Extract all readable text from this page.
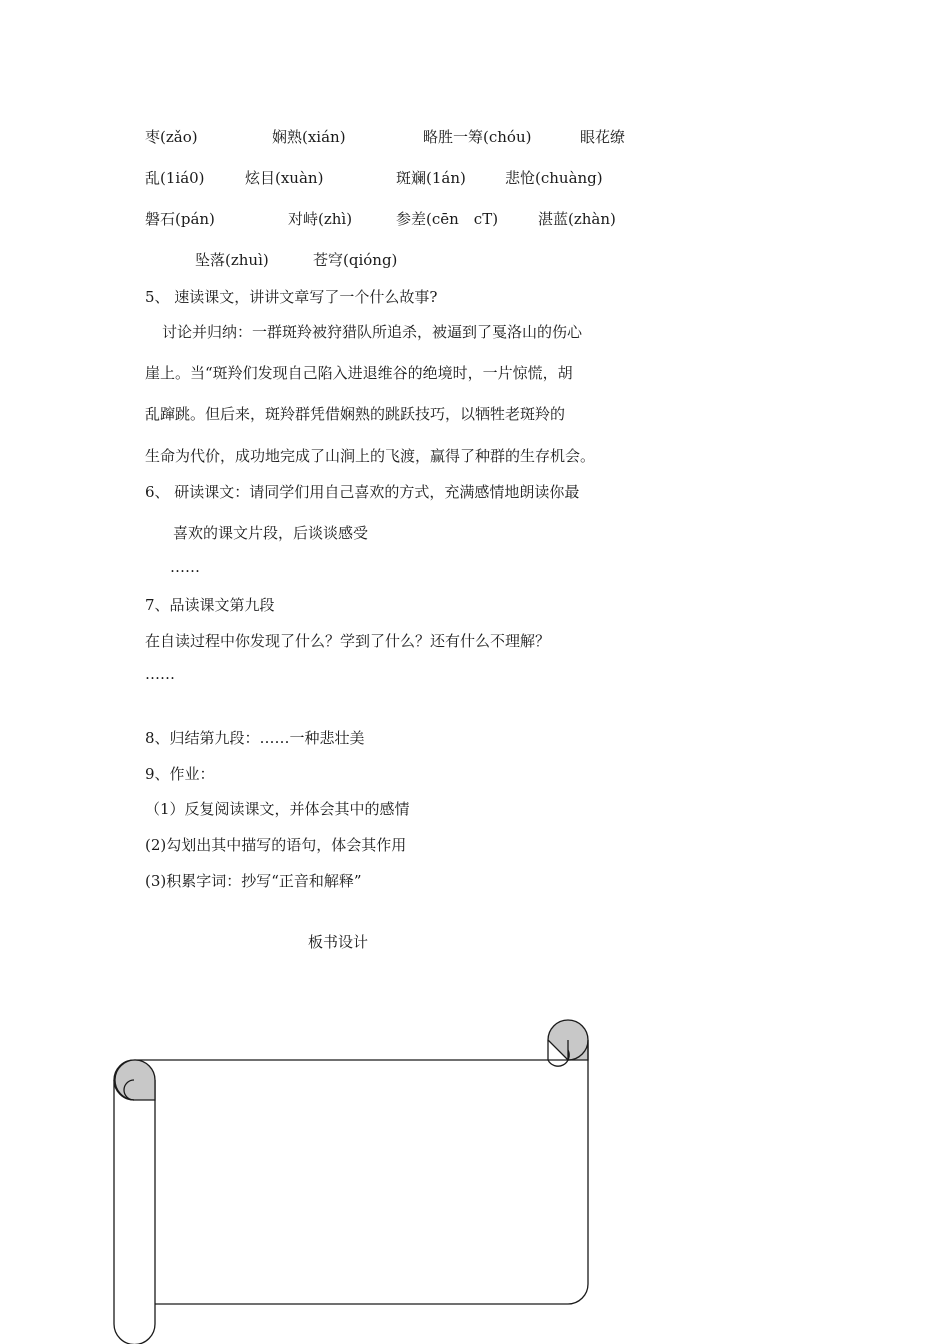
枣(zǎo)	娴熟(xián)	略胜一筹(chóu)	眼花缭
乱(1iá0)	炫目(xuàn)	斑斓(1án)	悲怆(chuàng)
磐石(pán)	对峙(zhì)	参差(cēn　cT)	湛蓝(zhàn)
坠落(zhuì)	苍穹(qióng)
5、 速读课文，讲讲文章写了一个什么故事?
讨论并归纳：一群斑羚被狩猎队所追杀，被逼到了戛洛山的伤心
崖上。当“斑羚们发现自己陷入进退维谷的绝境时，一片惊慌，胡
乱蹿跳。但后来，斑羚群凭借娴熟的跳跃技巧，以牺牲老斑羚的
生命为代价，成功地完成了山涧上的飞渡，赢得了种群的生存机会。
6、 研读课文：请同学们用自己喜欢的方式，充满感情地朗读你最
喜欢的课文片段，后谈谈感受
……
7、品读课文第九段
在自读过程中你发现了什么？学到了什么？还有什么不理解？
……
8、归结第九段：……一种悲壮美
9、作业：
（1）反复阅读课文，并体会其中的感情
(2)勾划出其中描写的语句，体会其作用
(3)积累字词：抄写“正音和解释”
板书设计
